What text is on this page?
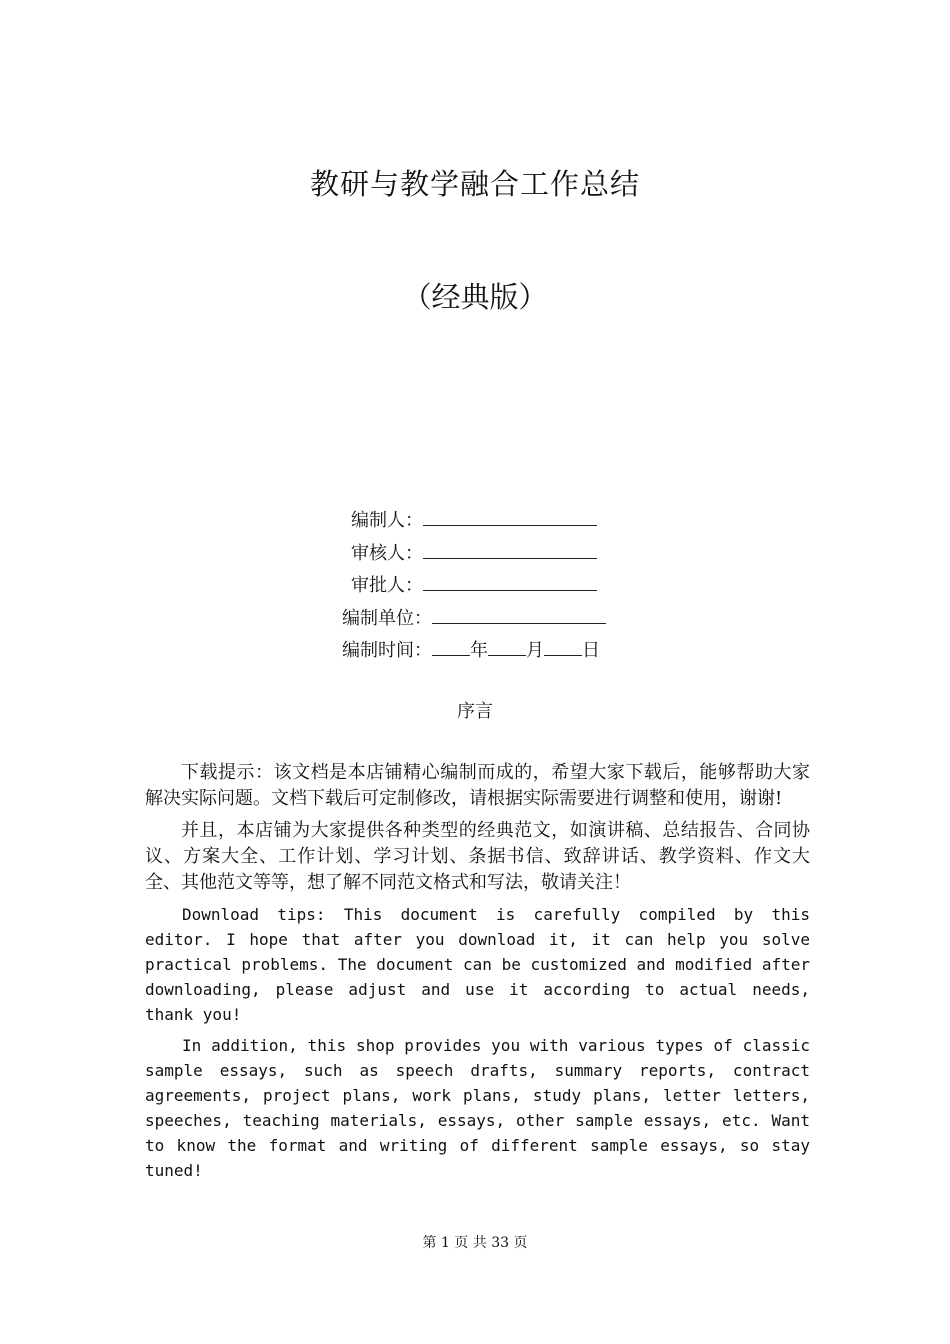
教研与教学融合工作总结
（经典版）
编制人：
审核人：
审批人：
编制单位：
编制时间： 年 月 日
序言

下载提示：该文档是本店铺精心编制而成的，希望大家下载后，能够帮助大家解决实际问题。文档下载后可定制修改，请根据实际需要进行调整和使用，谢谢!

并且，本店铺为大家提供各种类型的经典范文，如演讲稿、总结报告、合同协议、方案大全、工作计划、学习计划、条据书信、致辞讲话、教学资料、作文大全、其他范文等等，想了解不同范文格式和写法，敬请关注！

Download tips: This document is carefully compiled by this editor. I hope that after you download it, it can help you solve practical problems. The document can be customized and modified after downloading, please adjust and use it according to actual needs, thank you!

In addition, this shop provides you with various types of classic sample essays, such as speech drafts, summary reports, contract agreements, project plans, work plans, study plans, letter letters, speeches, teaching materials, essays, other sample essays, etc. Want to know the format and writing of different sample essays, so stay tuned!

第 1 页 共 33 页
